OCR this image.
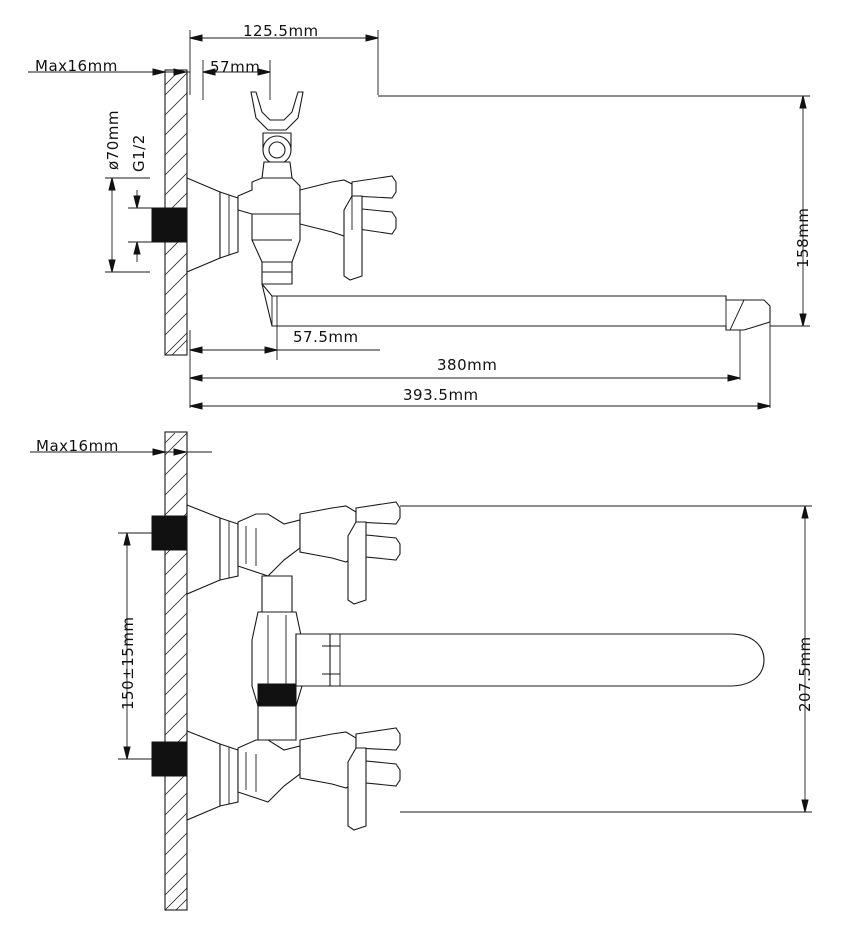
125.5mm
57mm
Max16mm
ø70mm G1/2
158mm
57.5mm
380mm
393.5mm
Max16mm
150±15mm	207.5mm
